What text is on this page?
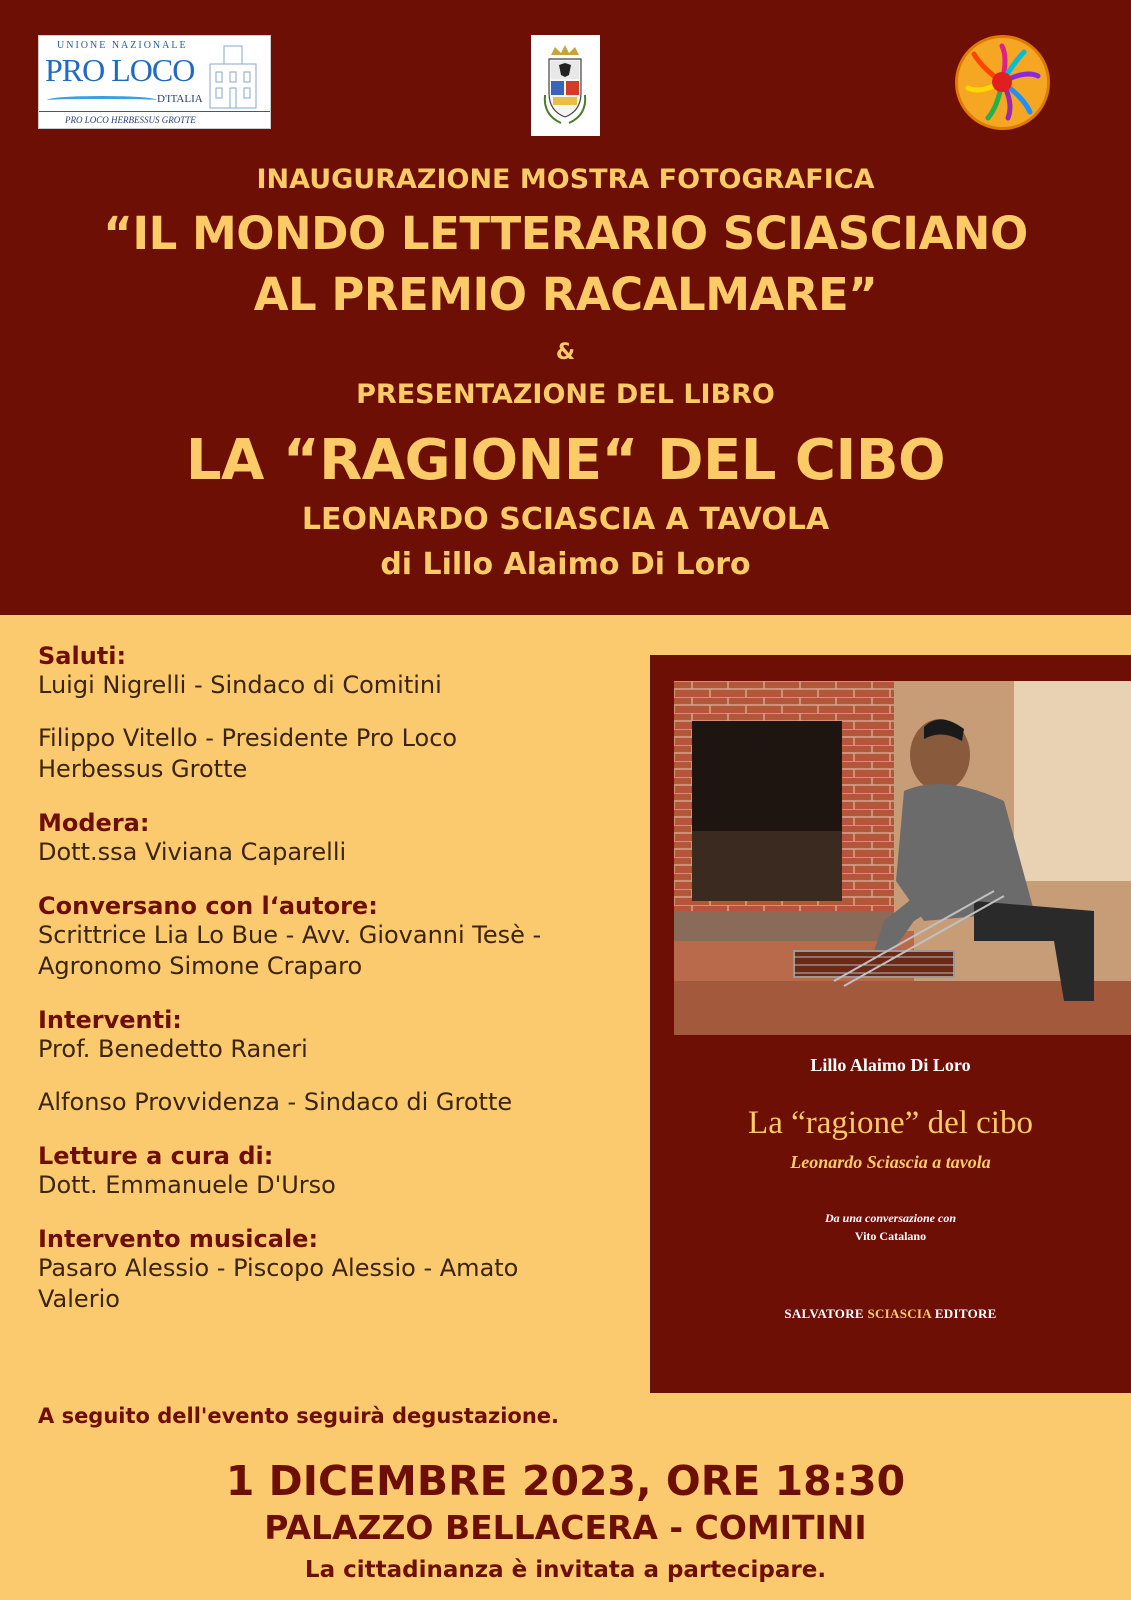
UNIONE NAZIONALE
PRO LOCO
D'ITALIA
PRO LOCO HERBESSUS GROTTE
INAUGURAZIONE MOSTRA FOTOGRAFICA
“IL MONDO LETTERARIO SCIASCIANO
AL PREMIO RACALMARE”
&
PRESENTAZIONE DEL LIBRO
LA “RAGIONE“ DEL CIBO
LEONARDO SCIASCIA A TAVOLA
di Lillo Alaimo Di Loro
Saluti:
Luigi Nigrelli - Sindaco di Comitini
Filippo Vitello - Presidente Pro Loco
Herbessus Grotte
Modera:
Dott.ssa Viviana Caparelli
Conversano con l‘autore:
Scrittrice Lia Lo Bue - Avv. Giovanni Tesè -
Agronomo Simone Craparo
Interventi:
Prof. Benedetto Raneri
Alfonso Provvidenza - Sindaco di Grotte
Letture a cura di:
Dott. Emmanuele D'Urso
Intervento musicale:
Pasaro Alessio - Piscopo Alessio - Amato
Valerio
A seguito dell'evento seguirà degustazione.
Lillo Alaimo Di Loro
La “ragione” del cibo
Leonardo Sciascia a tavola
Da una conversazione con
Vito Catalano
SALVATORE SCIASCIA EDITORE
1 DICEMBRE 2023, ORE 18:30
PALAZZO BELLACERA - COMITINI
La cittadinanza è invitata a partecipare.
